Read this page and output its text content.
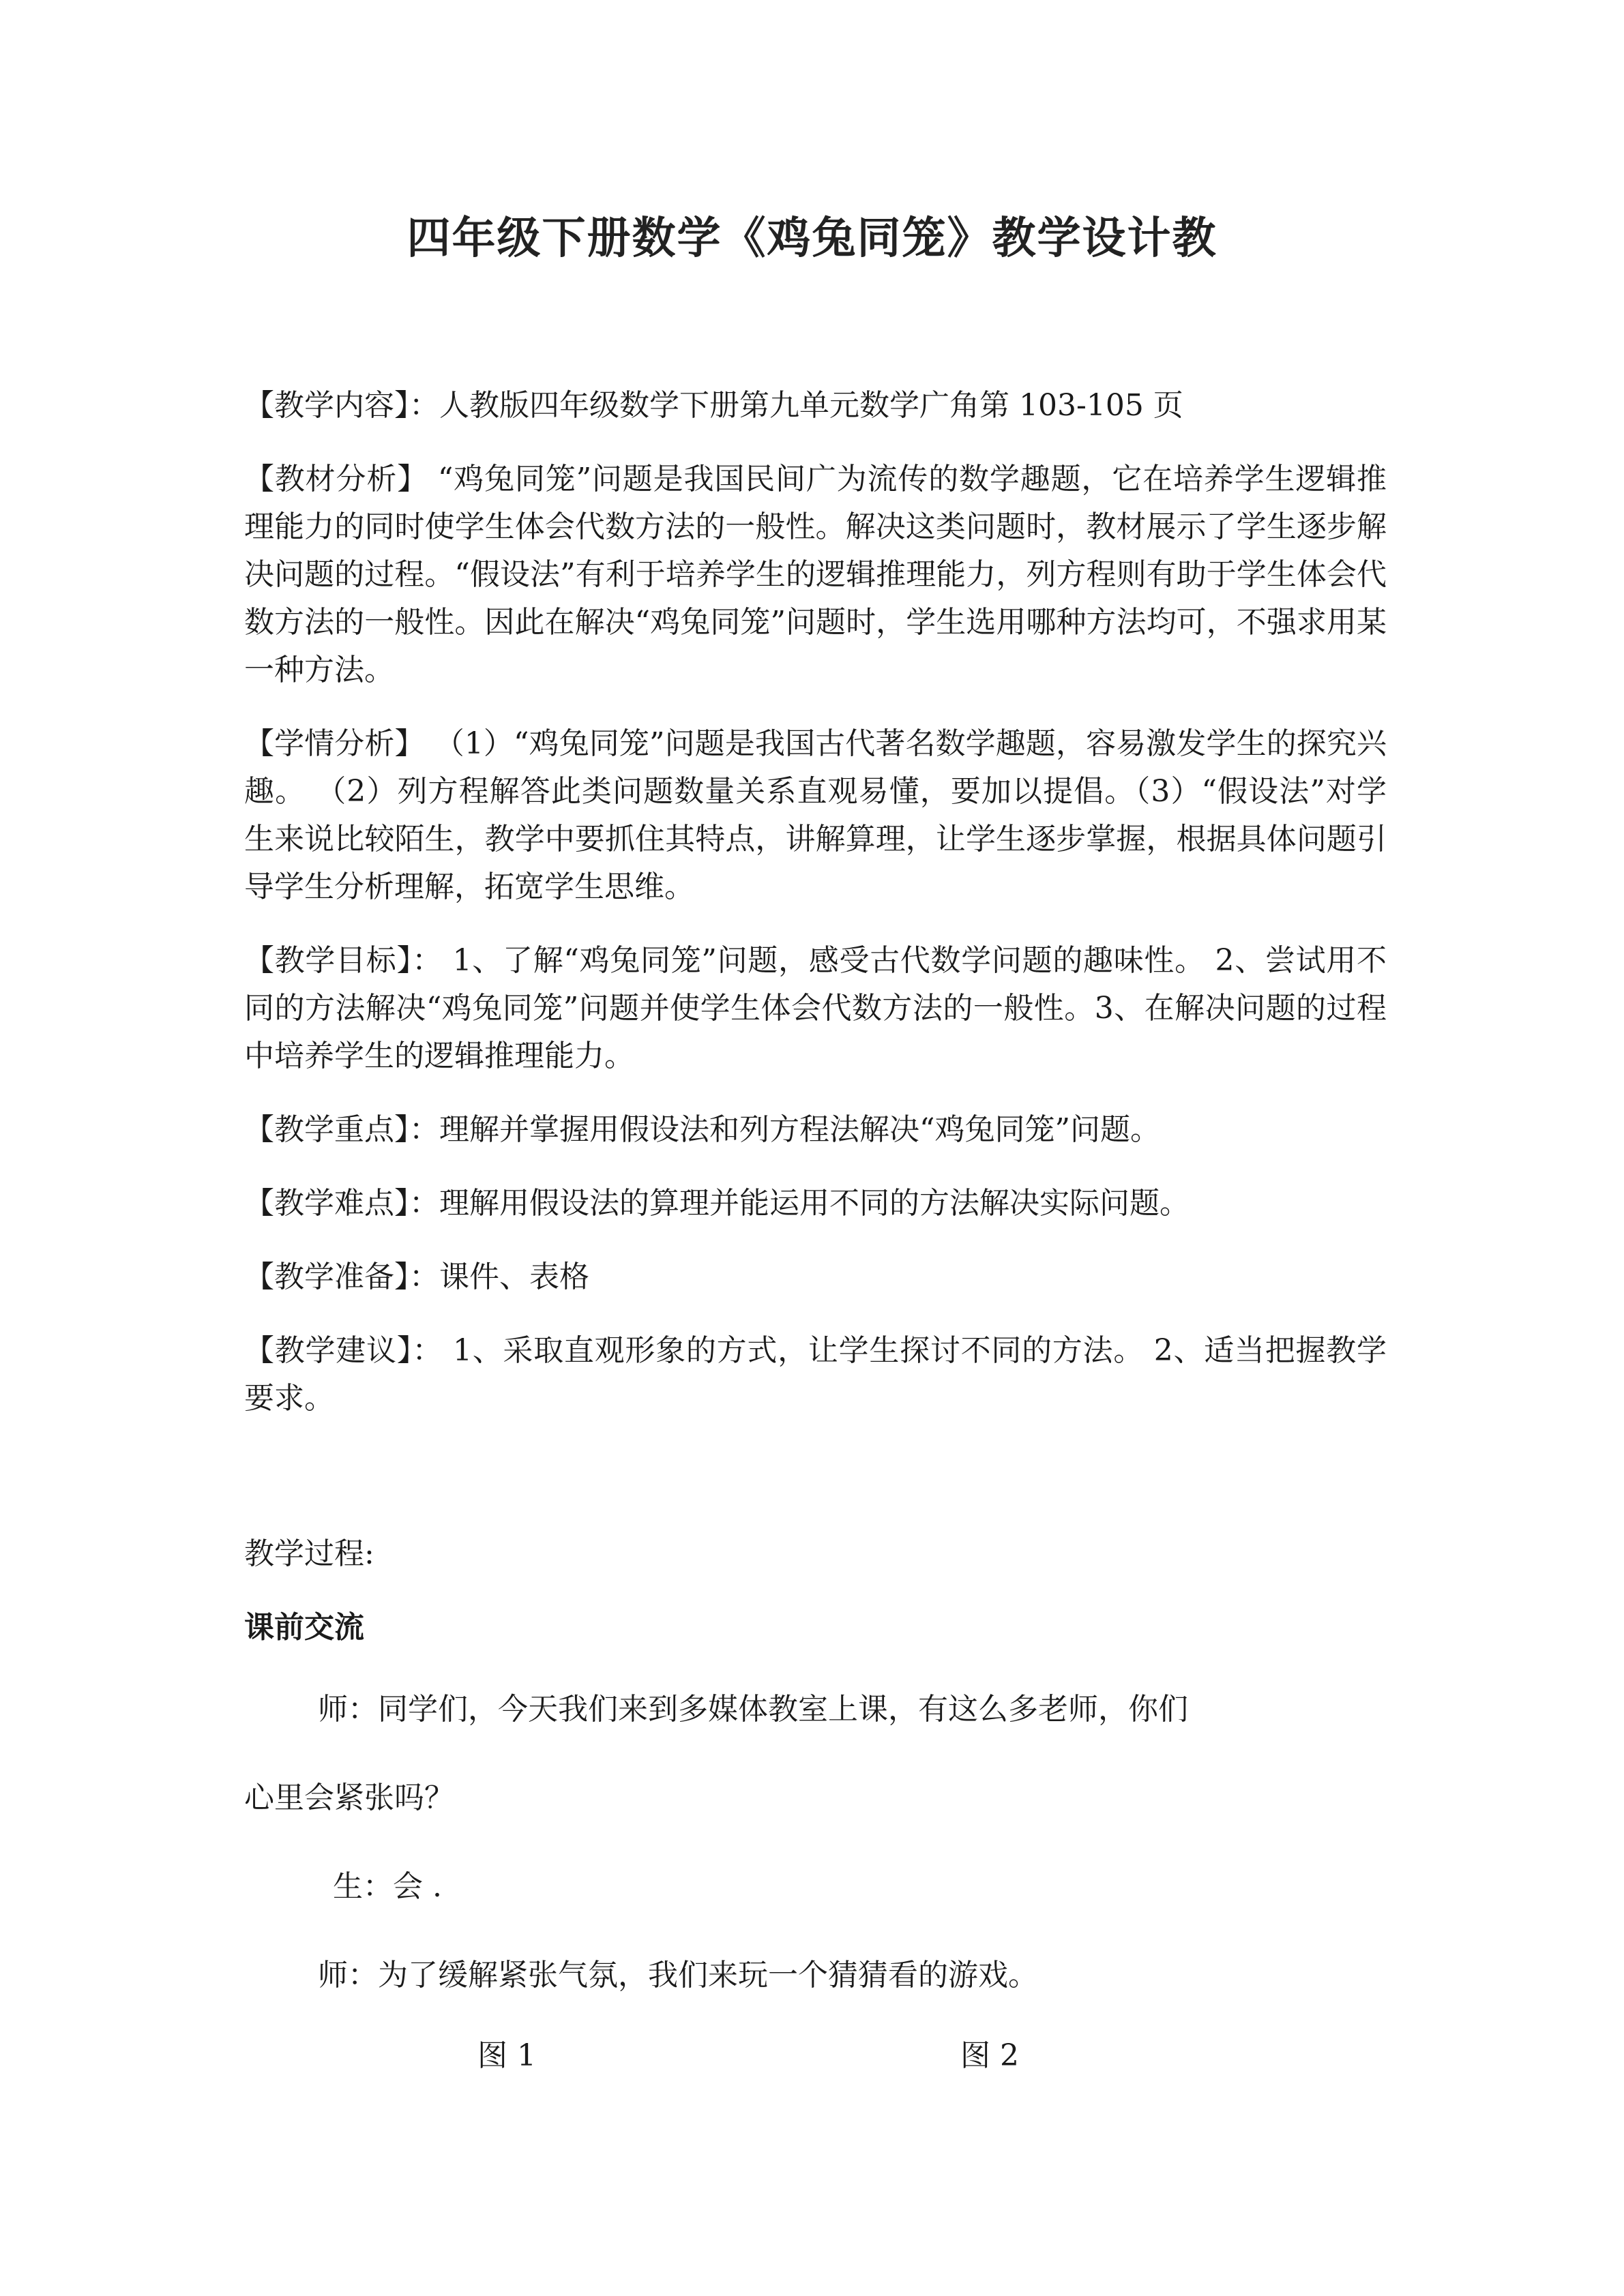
四年级下册数学《鸡兔同笼》教学设计教

【教学内容】：人教版四年级数学下册第九单元数学广角第 103-105 页

【教材分析】 “鸡兔同笼”问题是我国民间广为流传的数学趣题，它在培养学生逻辑推理能力的同时使学生体会代数方法的一般性。解决这类问题时，教材展示了学生逐步解决问题的过程。“假设法”有利于培养学生的逻辑推理能力，列方程则有助于学生体会代数方法的一般性。因此在解决“鸡兔同笼”问题时，学生选用哪种方法均可，不强求用某一种方法。

【学情分析】 （1）“鸡兔同笼”问题是我国古代著名数学趣题，容易激发学生的探究兴趣。 （2）列方程解答此类问题数量关系直观易懂，要加以提倡。（3）“假设法”对学生来说比较陌生，教学中要抓住其特点，讲解算理，让学生逐步掌握，根据具体问题引导学生分析理解，拓宽学生思维。

【教学目标】： 1、了解“鸡兔同笼”问题，感受古代数学问题的趣味性。 2、尝试用不同的方法解决“鸡兔同笼”问题并使学生体会代数方法的一般性。3、在解决问题的过程中培养学生的逻辑推理能力。

【教学重点】：理解并掌握用假设法和列方程法解决“鸡兔同笼”问题。

【教学难点】：理解用假设法的算理并能运用不同的方法解决实际问题。

【教学准备】：课件、表格

【教学建议】： 1、采取直观形象的方式，让学生探讨不同的方法。 2、适当把握教学要求。

教学过程:

课前交流

师：同学们，今天我们来到多媒体教室上课，有这么多老师，你们

心里会紧张吗？

生：会 .

师：为了缓解紧张气氛，我们来玩一个猜猜看的游戏。

图 1	图 2
